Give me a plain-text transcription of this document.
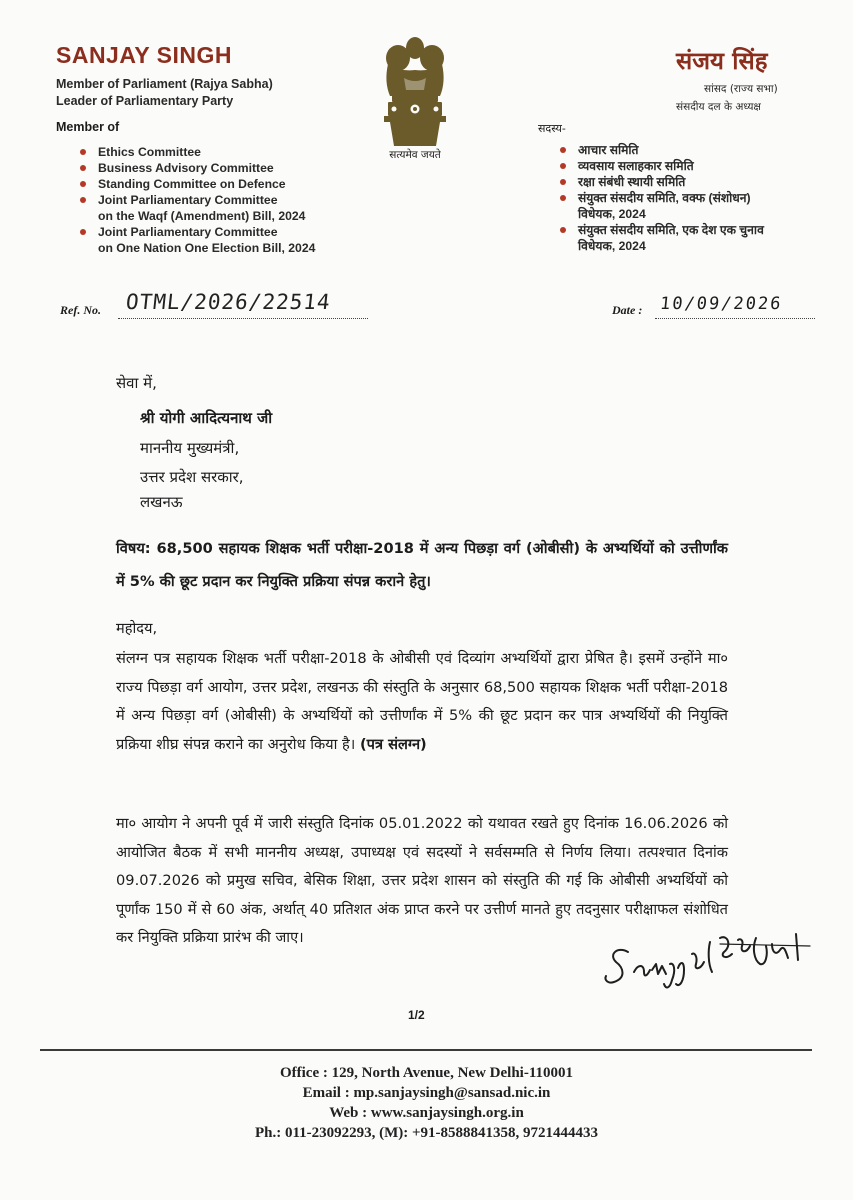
SANJAY SINGH
Member of Parliament (Rajya Sabha)
Leader of Parliamentary Party
Member of
Ethics Committee
Business Advisory Committee
Standing Committee on Defence
Joint Parliamentary Committee
on the Waqf (Amendment) Bill, 2024
Joint Parliamentary Committee
on One Nation One Election Bill, 2024
सत्यमेव जयते
संजय सिंह
सांसद (राज्य सभा)
संसदीय दल के अध्यक्ष
सदस्य-
आचार समिति
व्यवसाय सलाहकार समिति
रक्षा संबंधी स्थायी समिति
संयुक्त संसदीय समिति, वक्फ (संशोधन)
विधेयक, 2024
संयुक्त संसदीय समिति, एक देश एक चुनाव
विधेयक, 2024
Ref. No. OTML/2026/22514	Date : 10/09/2026
सेवा में,
श्री योगी आदित्यनाथ जी
माननीय मुख्यमंत्री,
उत्तर प्रदेश सरकार,
लखनऊ
विषय: 68,500 सहायक शिक्षक भर्ती परीक्षा-2018 में अन्य पिछड़ा वर्ग (ओबीसी) के अभ्यर्थियों को उत्तीर्णांक में 5% की छूट प्रदान कर नियुक्ति प्रक्रिया संपन्न कराने हेतु।
महोदय,
संलग्न पत्र सहायक शिक्षक भर्ती परीक्षा-2018 के ओबीसी एवं दिव्यांग अभ्यर्थियों द्वारा प्रेषित है। इसमें उन्होंने मा० राज्य पिछड़ा वर्ग आयोग, उत्तर प्रदेश, लखनऊ की संस्तुति के अनुसार 68,500 सहायक शिक्षक भर्ती परीक्षा-2018 में अन्य पिछड़ा वर्ग (ओबीसी) के अभ्यर्थियों को उत्तीर्णांक में 5% की छूट प्रदान कर पात्र अभ्यर्थियों की नियुक्ति प्रक्रिया शीघ्र संपन्न कराने का अनुरोध किया है। (पत्र संलग्न)
मा० आयोग ने अपनी पूर्व में जारी संस्तुति दिनांक 05.01.2022 को यथावत रखते हुए दिनांक 16.06.2026 को आयोजित बैठक में सभी माननीय अध्यक्ष, उपाध्यक्ष एवं सदस्यों ने सर्वसम्मति से निर्णय लिया। तत्पश्चात दिनांक 09.07.2026 को प्रमुख सचिव, बेसिक शिक्षा, उत्तर प्रदेश शासन को संस्तुति की गई कि ओबीसी अभ्यर्थियों को पूर्णांक 150 में से 60 अंक, अर्थात् 40 प्रतिशत अंक प्राप्त करने पर उत्तीर्ण मानते हुए तदनुसार परीक्षाफल संशोधित कर नियुक्ति प्रक्रिया प्रारंभ की जाए।
1/2
Office : 129, North Avenue, New Delhi-110001
Email : mp.sanjaysingh@sansad.nic.in
Web : www.sanjaysingh.org.in
Ph.: 011-23092293, (M): +91-8588841358, 9721444433
